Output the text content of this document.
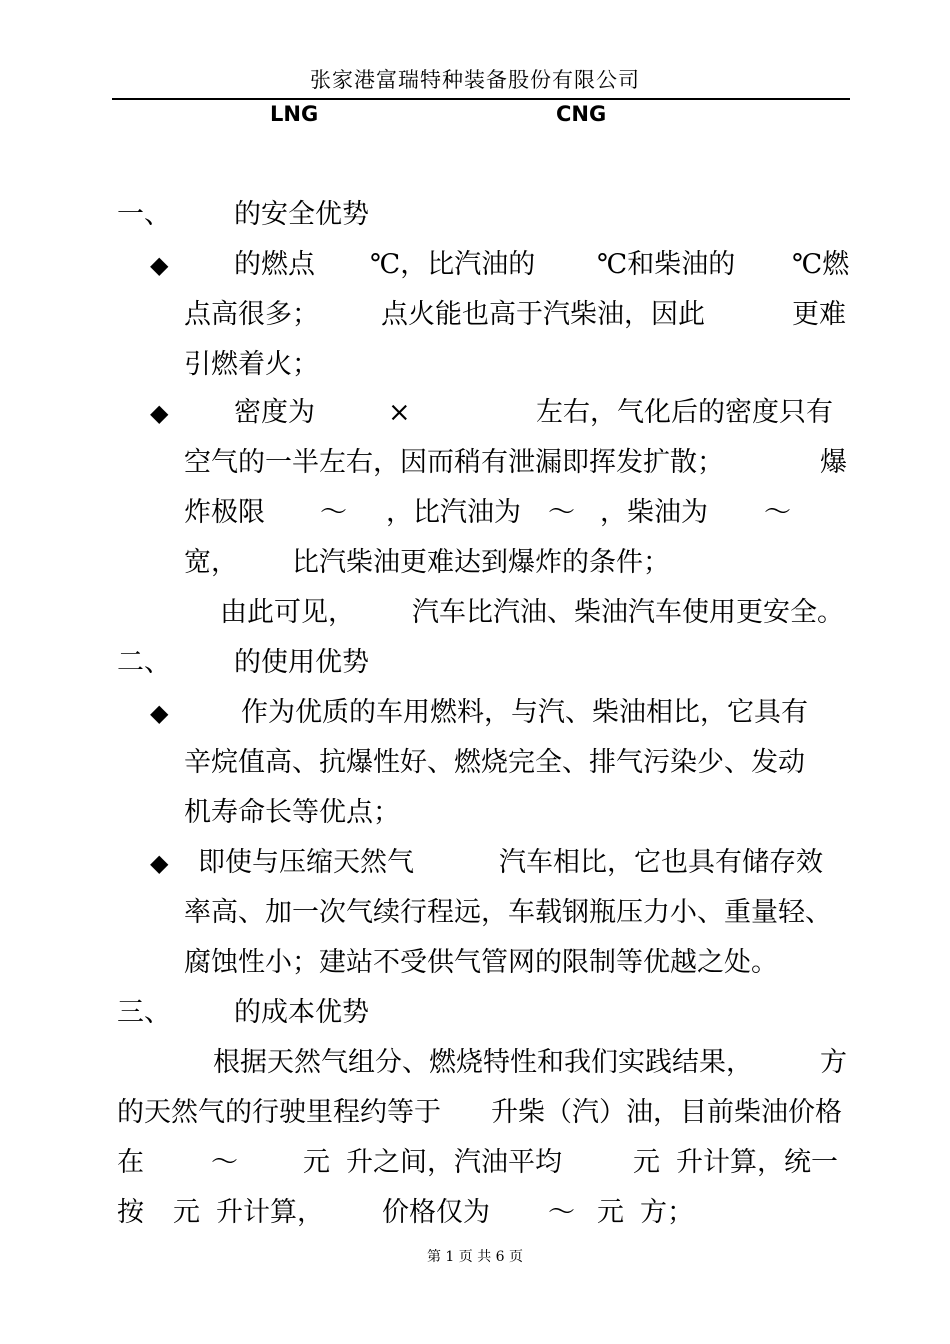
张家港富瑞特种装备股份有限公司
LNG	CNG
一、 的安全优势
◆ 的燃点 ℃，比汽油的 ℃和柴油的 ℃燃
点高很多； 点火能也高于汽柴油，因此	更难
引燃着火；
◆ 密度为	×	左右，气化后的密度只有
空气的一半左右，因而稍有泄漏即挥发扩散；	爆
炸极限 ～ ，比汽油为 ～ ，柴油为 ～
宽， 比汽柴油更难达到爆炸的条件；
由此可见， 汽车比汽油、柴油汽车使用更安全。
二、 的使用优势
◆	作为优质的车用燃料，与汽、柴油相比，它具有
辛烷值高、抗爆性好、燃烧完全、排气污染少、发动
机寿命长等优点；
◆ 即使与压缩天然气	汽车相比，它也具有储存效
率高、加一次气续行程远，车载钢瓶压力小、重量轻、
腐蚀性小；建站不受供气管网的限制等优越之处。
三、 的成本优势
根据天然气组分、燃烧特性和我们实践结果， 方
的天然气的行驶里程约等于 升柴（汽）油，目前柴油价格
在 ～ 元 升之间，汽油平均	元 升计算，统一
按 元 升计算， 价格仅为 ～ 元 方；
第 1 页 共 6 页
